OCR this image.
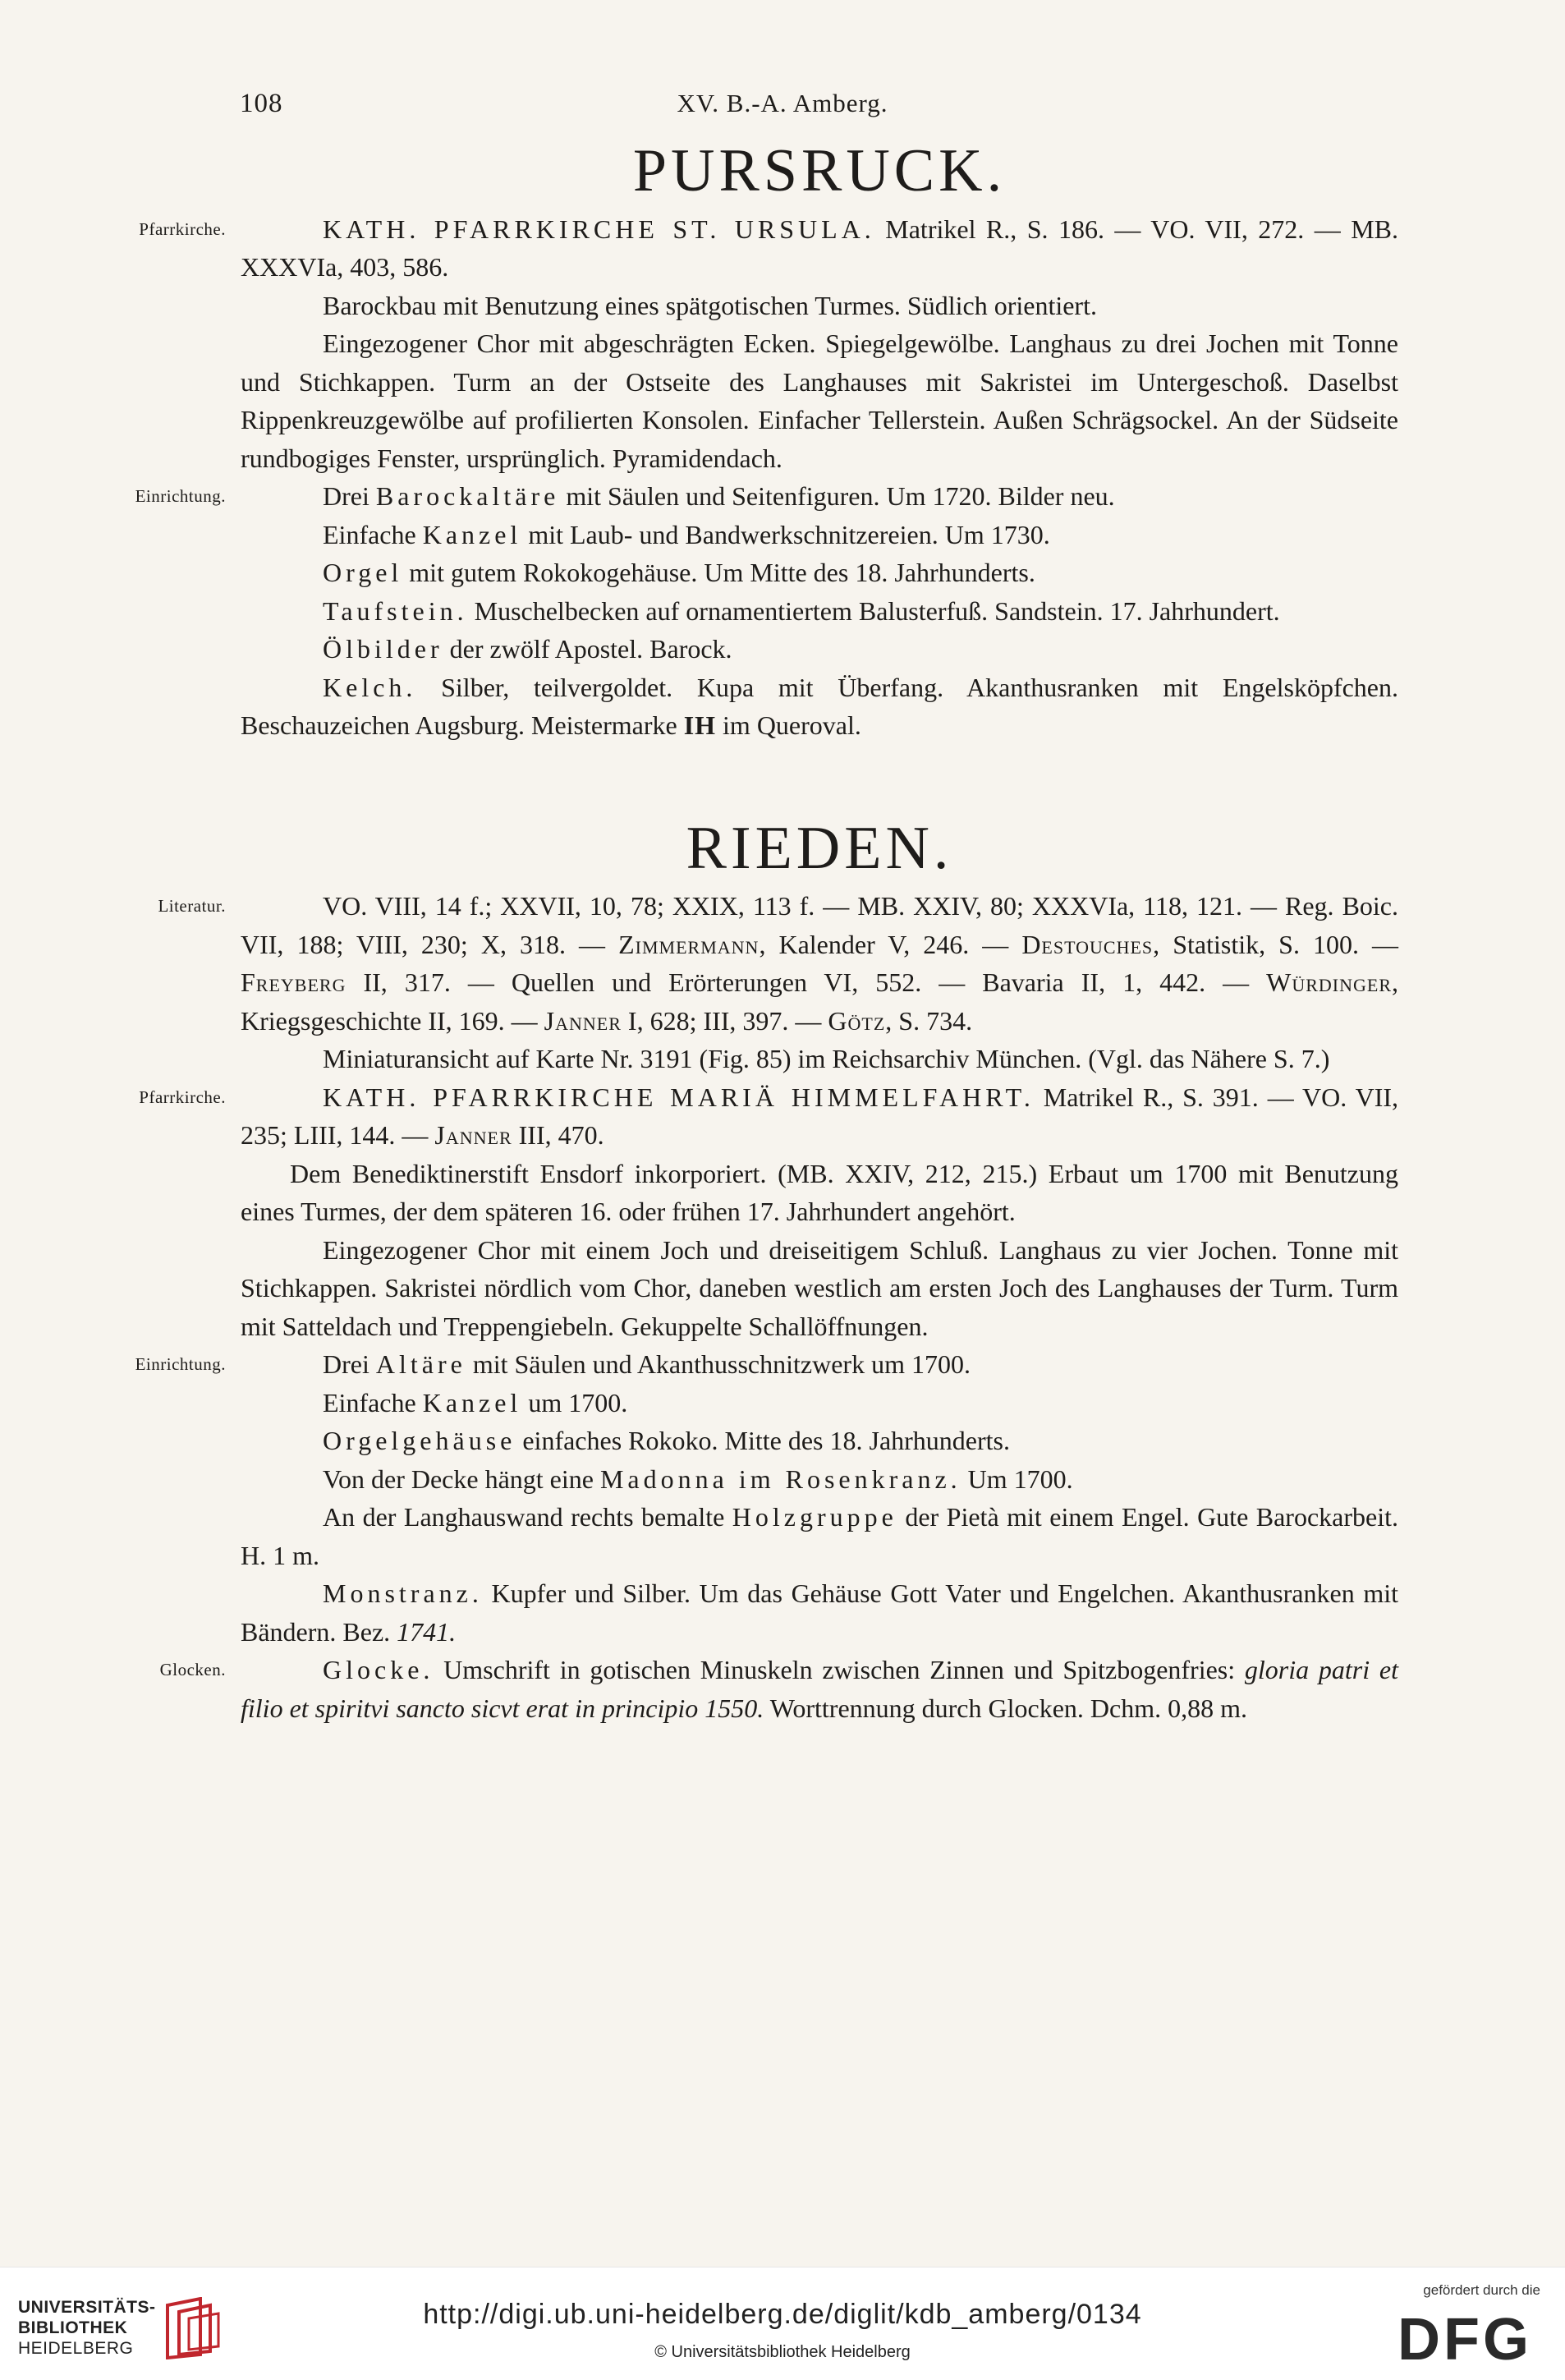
108	XV. B.-A. Amberg.
PURSRUCK.

Pfarrkirche.	KATH. PFARRKIRCHE ST. URSULA. Matrikel R., S. 186. — VO. VII, 272. — MB. XXXVIa, 403, 586.

Barockbau mit Benutzung eines spätgotischen Turmes. Südlich orientiert.

Eingezogener Chor mit abgeschrägten Ecken. Spiegelgewölbe. Langhaus zu drei Jochen mit Tonne und Stichkappen. Turm an der Ostseite des Langhauses mit Sakristei im Untergeschoß. Daselbst Rippenkreuzgewölbe auf profilierten Konsolen. Einfacher Tellerstein. Außen Schrägsockel. An der Südseite rundbogiges Fenster, ursprünglich. Pyramidendach.

Einrichtung.	Drei Barockaltäre mit Säulen und Seitenfiguren. Um 1720. Bilder neu.

Einfache Kanzel mit Laub- und Bandwerkschnitzereien. Um 1730.

Orgel mit gutem Rokokogehäuse. Um Mitte des 18. Jahrhunderts.

Taufstein. Muschelbecken auf ornamentiertem Balusterfuß. Sandstein. 17. Jahrhundert.

Ölbilder der zwölf Apostel. Barock.

Kelch. Silber, teilvergoldet. Kupa mit Überfang. Akanthusranken mit Engelsköpfchen. Beschauzeichen Augsburg. Meistermarke IH im Queroval.

RIEDEN.

Literatur.	VO. VIII, 14 f.; XXVII, 10, 78; XXIX, 113 f. — MB. XXIV, 80; XXXVIa, 118, 121. — Reg. Boic. VII, 188; VIII, 230; X, 318. — Zimmermann, Kalender V, 246. — Destouches, Statistik, S. 100. — Freyberg II, 317. — Quellen und Erörterungen VI, 552. — Bavaria II, 1, 442. — Würdinger, Kriegsgeschichte II, 169. — Janner I, 628; III, 397. — Götz, S. 734.

Miniaturansicht auf Karte Nr. 3191 (Fig. 85) im Reichsarchiv München. (Vgl. das Nähere S. 7.)

Pfarrkirche.	KATH. PFARRKIRCHE MARIÄ HIMMELFAHRT. Matrikel R., S. 391. — VO. VII, 235; LIII, 144. — Janner III, 470.

Dem Benediktinerstift Ensdorf inkorporiert. (MB. XXIV, 212, 215.) Erbaut um 1700 mit Benutzung eines Turmes, der dem späteren 16. oder frühen 17. Jahrhundert angehört.

Eingezogener Chor mit einem Joch und dreiseitigem Schluß. Langhaus zu vier Jochen. Tonne mit Stichkappen. Sakristei nördlich vom Chor, daneben westlich am ersten Joch des Langhauses der Turm. Turm mit Satteldach und Treppengiebeln. Gekuppelte Schallöffnungen.

Einrichtung.	Drei Altäre mit Säulen und Akanthusschnitzwerk um 1700.

Einfache Kanzel um 1700.

Orgelgehäuse einfaches Rokoko. Mitte des 18. Jahrhunderts.

Von der Decke hängt eine Madonna im Rosenkranz. Um 1700.

An der Langhauswand rechts bemalte Holzgruppe der Pietà mit einem Engel. Gute Barockarbeit. H. 1 m.

Monstranz. Kupfer und Silber. Um das Gehäuse Gott Vater und Engelchen. Akanthusranken mit Bändern. Bez. 1741.

Glocken.	Glocke. Umschrift in gotischen Minuskeln zwischen Zinnen und Spitzbogenfries: gloria patri et filio et spiritvi sancto sicvt erat in principio 1550. Worttrennung durch Glocken. Dchm. 0,88 m.

UNIVERSITÄTS-
BIBLIOTHEK
HEIDELBERG
http://digi.ub.uni-heidelberg.de/diglit/kdb_amberg/0134
© Universitätsbibliothek Heidelberg
gefördert durch die
DFG
